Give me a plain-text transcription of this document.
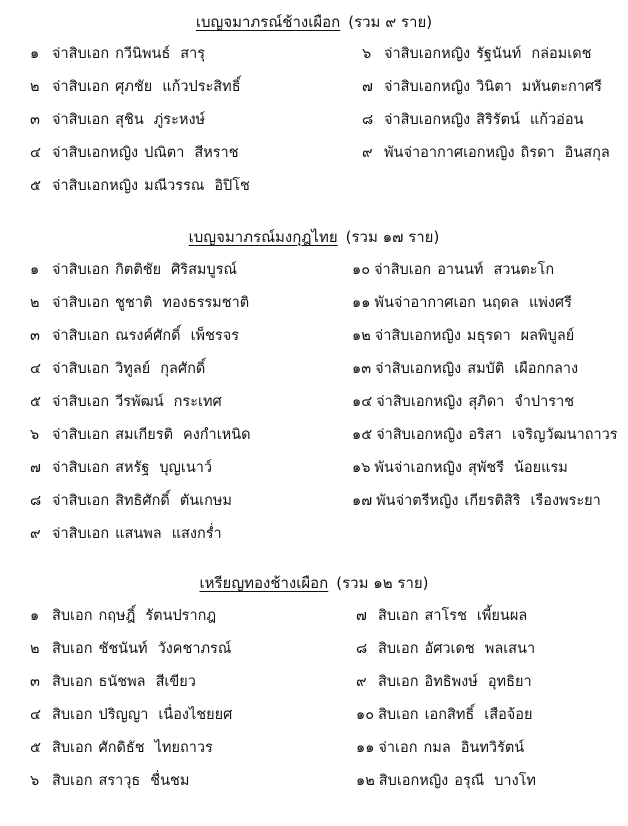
เบญจมาภรณ์ช้างเผือก (รวม ๙ ราย)
๑ จ่าสิบเอก กวีนิพนธ์ สารุ
๒ จ่าสิบเอก ศุภชัย แก้วประสิทธิ์
๓ จ่าสิบเอก สุชิน ภู่ระหงษ์
๔ จ่าสิบเอกหญิง ปณิตา สีหราช
๕ จ่าสิบเอกหญิง มณีวรรณ อิปิโช
๖ จ่าสิบเอกหญิง รัฐนันท์ กล่อมเดช
๗ จ่าสิบเอกหญิง วินิตา มหันตะกาศรี
๘ จ่าสิบเอกหญิง สิริรัตน์ แก้วอ่อน
๙ พันจ่าอากาศเอกหญิง ถิรดา อินสกุล
เบญจมาภรณ์มงกุฎไทย (รวม ๑๗ ราย)
๑ จ่าสิบเอก กิตติชัย ศิริสมบูรณ์
๒ จ่าสิบเอก ชูชาติ ทองธรรมชาติ
๓ จ่าสิบเอก ณรงค์ศักดิ์ เพ็ชรจร
๔ จ่าสิบเอก วิทูลย์ กุลศักดิ์
๕ จ่าสิบเอก วีรพัฒน์ กระเทศ
๖ จ่าสิบเอก สมเกียรติ คงกำเหนิด
๗ จ่าสิบเอก สหรัฐ บุญเนาว์
๘ จ่าสิบเอก สิทธิศักดิ์ ตันเกษม
๙ จ่าสิบเอก แสนพล แสงกร่ำ
๑๐ จ่าสิบเอก อานนท์ สวนตะโก
๑๑ พันจ่าอากาศเอก นฤดล แพ่งศรี
๑๒ จ่าสิบเอกหญิง มธุรดา ผลพิบูลย์
๑๓ จ่าสิบเอกหญิง สมบัติ เผือกกลาง
๑๔ จ่าสิบเอกหญิง สุภิดา จำปาราช
๑๕ จ่าสิบเอกหญิง อริสา เจริญวัฒนาถาวร
๑๖ พันจ่าเอกหญิง สุพัชรี น้อยแรม
๑๗ พันจ่าตรีหญิง เกียรติสิริ เรืองพระยา
เหรียญทองช้างเผือก (รวม ๑๒ ราย)
๑ สิบเอก กฤษฎิ์ รัตนปรากฎ
๒ สิบเอก ชัชนันท์ วังคชาภรณ์
๓ สิบเอก ธนัชพล สีเขียว
๔ สิบเอก ปริญญา เนื่องไชยยศ
๕ สิบเอก ศักดิธัช ไทยถาวร
๖ สิบเอก สราวุธ ชื่นชม
๗ สิบเอก สาโรช เพี้ยนผล
๘ สิบเอก อัศวเดช พลเสนา
๙ สิบเอก อิทธิพงษ์ อุทธิยา
๑๐ สิบเอก เอกสิทธิ์ เสือจ้อย
๑๑ จ่าเอก กมล อินทวิรัตน์
๑๒ สิบเอกหญิง อรุณี บางโท
